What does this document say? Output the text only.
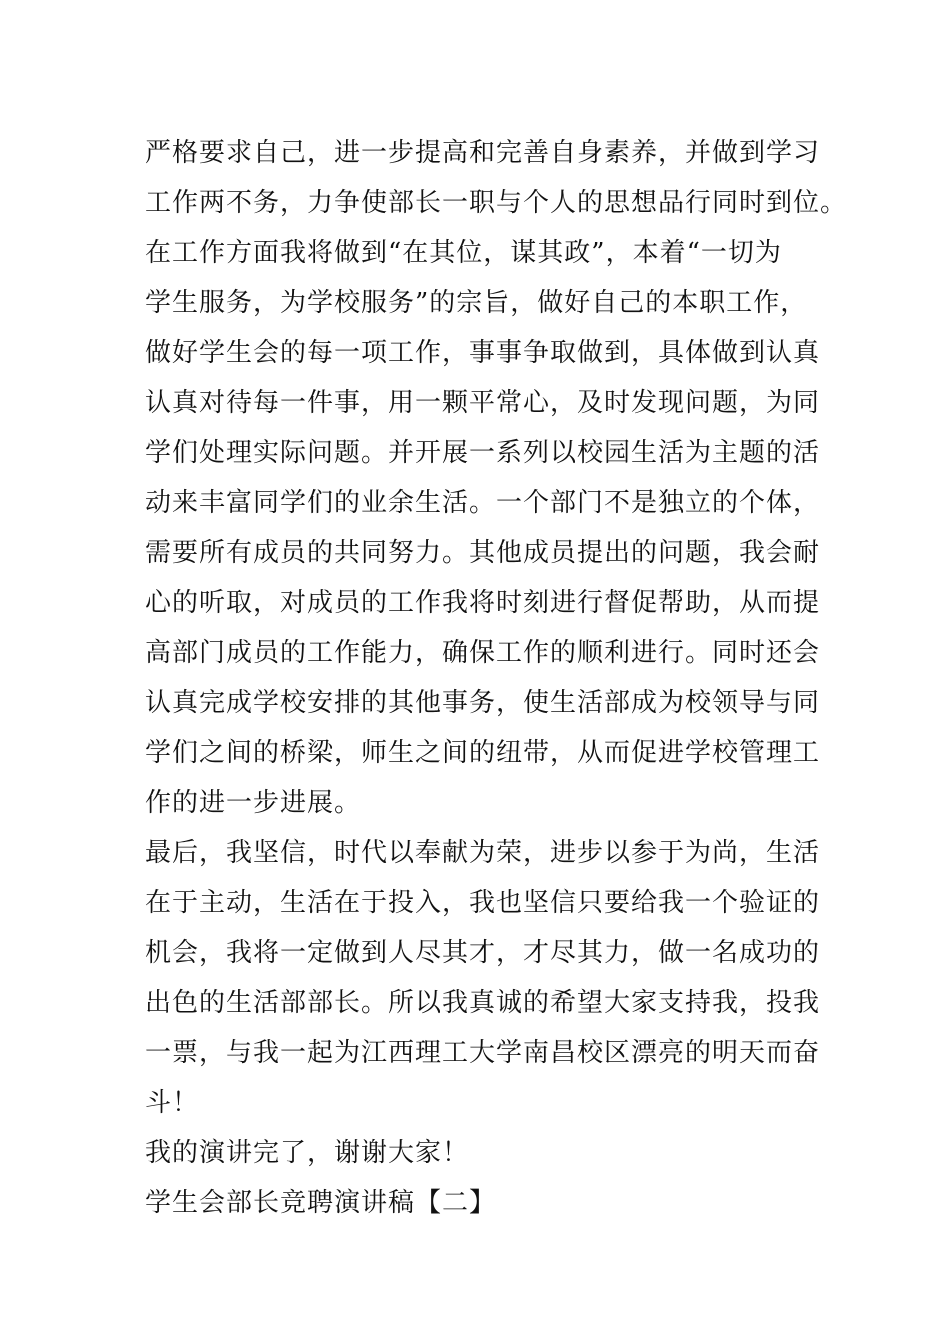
严格要求自己，进一步提高和完善自身素养，并做到学习
工作两不务，力争使部长一职与个人的思想品行同时到位。
在工作方面我将做到“在其位，谋其政”，本着“一切为
学生服务，为学校服务”的宗旨，做好自己的本职工作，
做好学生会的每一项工作，事事争取做到，具体做到认真
认真对待每一件事，用一颗平常心，及时发现问题，为同
学们处理实际问题。并开展一系列以校园生活为主题的活
动来丰富同学们的业余生活。一个部门不是独立的个体，
需要所有成员的共同努力。其他成员提出的问题，我会耐
心的听取，对成员的工作我将时刻进行督促帮助，从而提
高部门成员的工作能力，确保工作的顺利进行。同时还会
认真完成学校安排的其他事务，使生活部成为校领导与同
学们之间的桥梁，师生之间的纽带，从而促进学校管理工
作的进一步进展。
最后，我坚信，时代以奉献为荣，进步以参于为尚，生活
在于主动，生活在于投入，我也坚信只要给我一个验证的
机会，我将一定做到人尽其才，才尽其力，做一名成功的
出色的生活部部长。所以我真诚的希望大家支持我，投我
一票，与我一起为江西理工大学南昌校区漂亮的明天而奋
斗！
我的演讲完了，谢谢大家！
学生会部长竞聘演讲稿【二】
